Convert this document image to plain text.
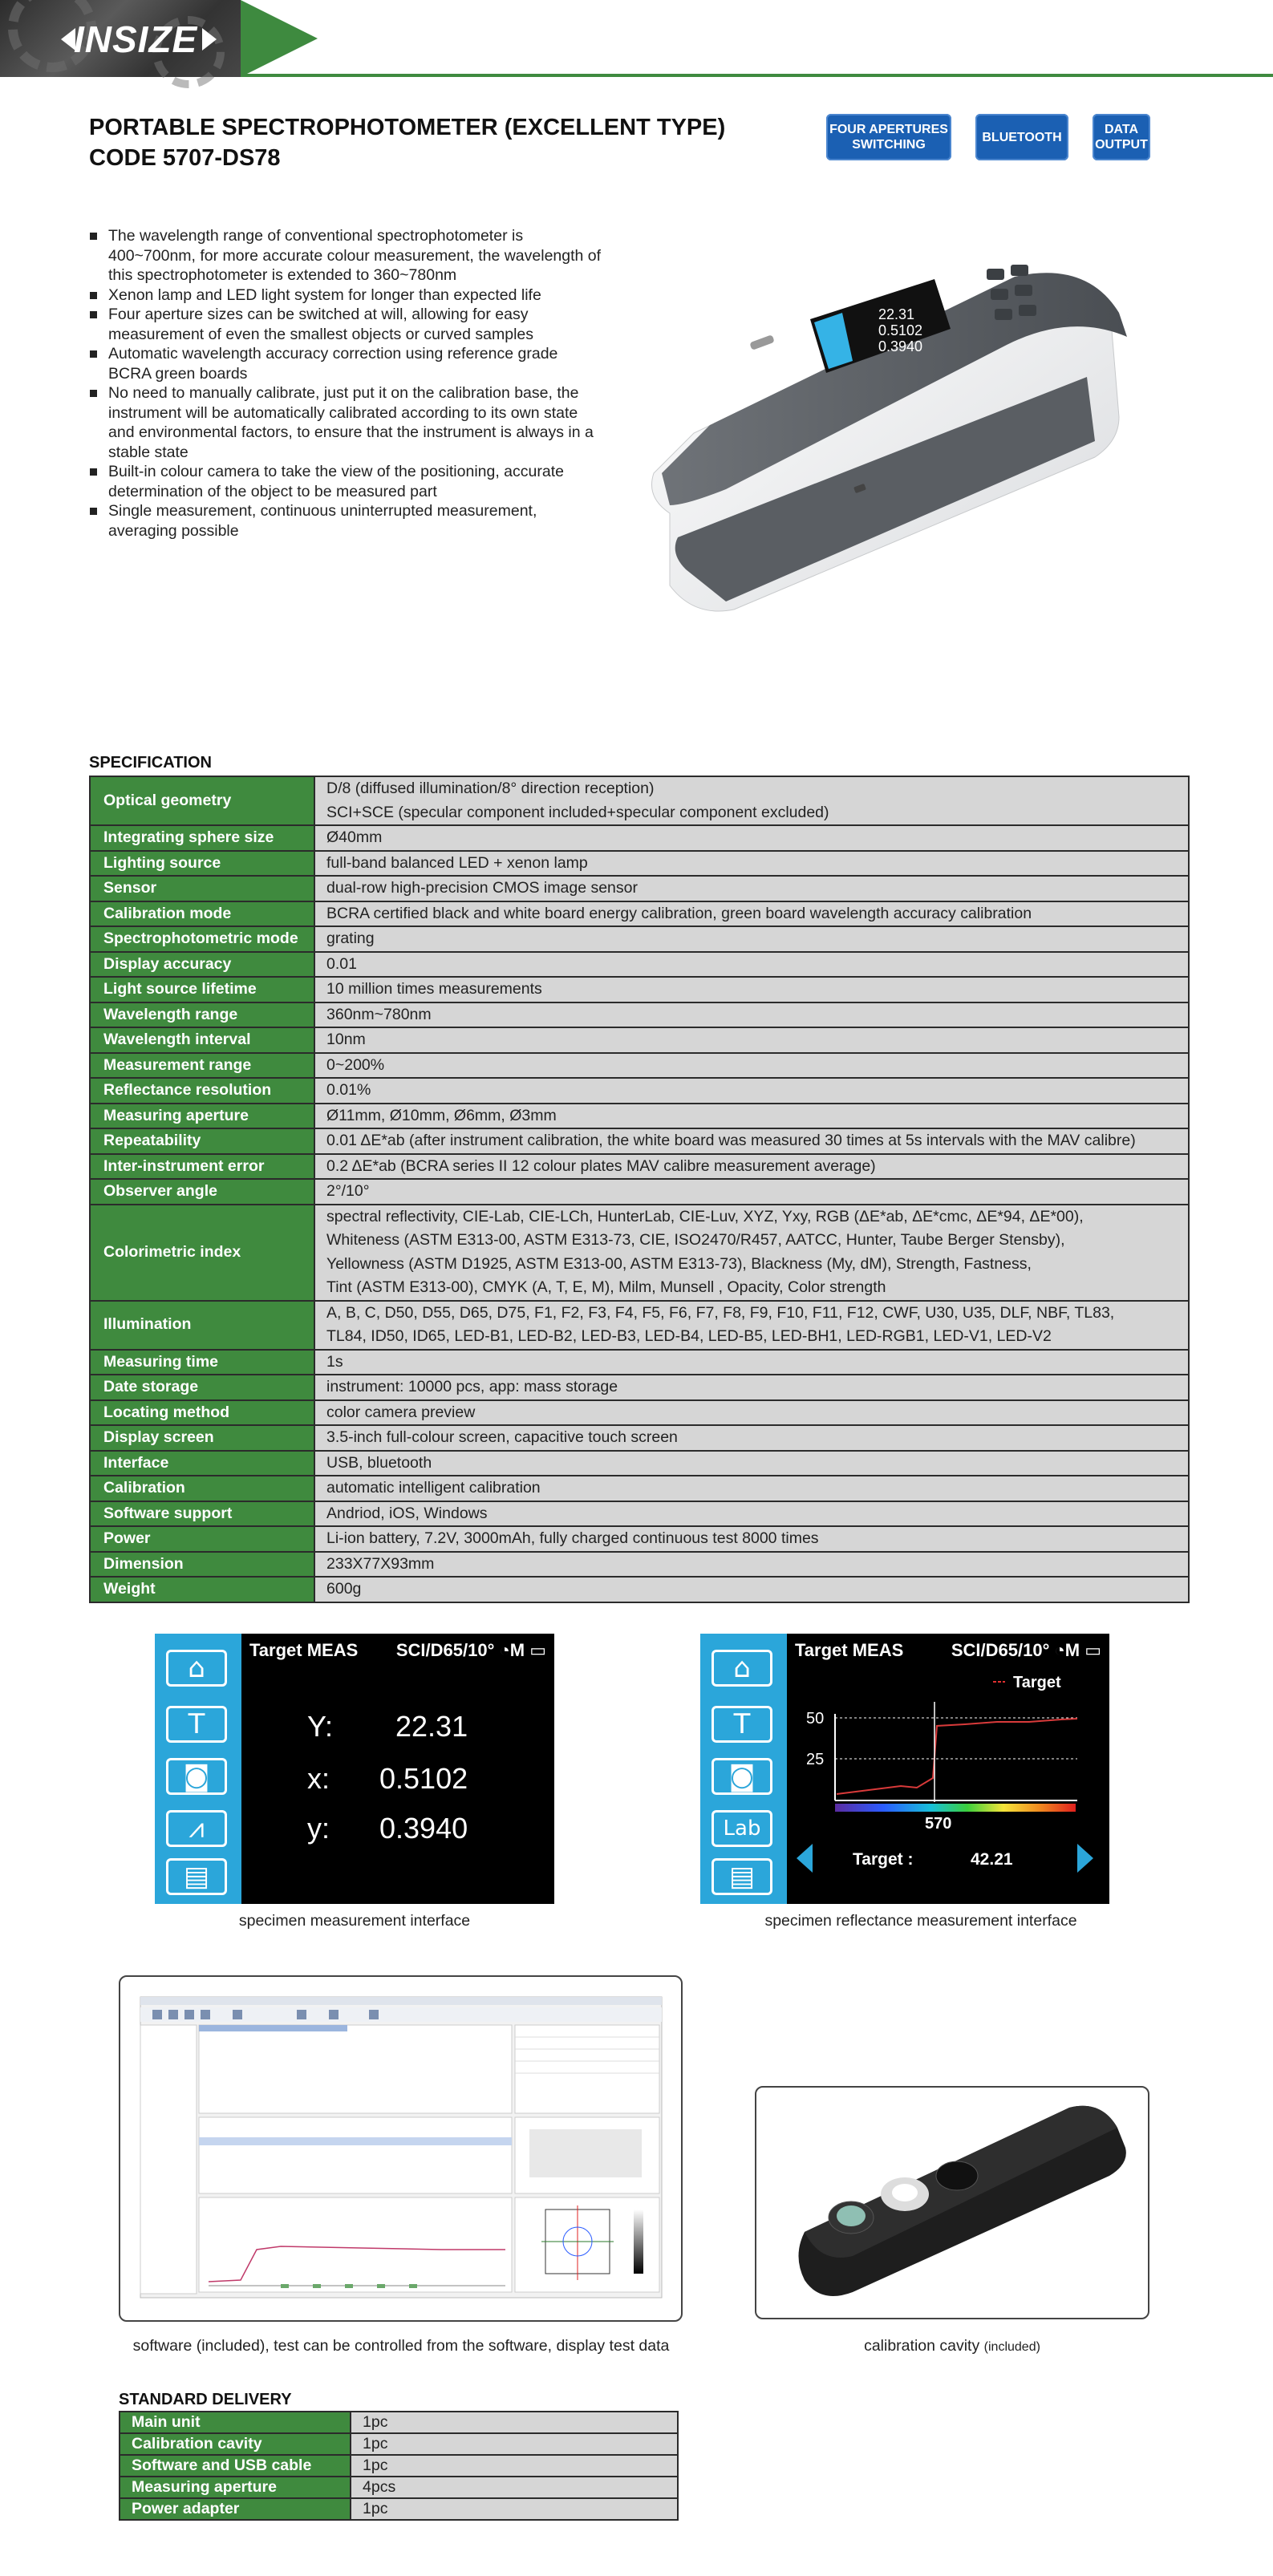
INSIZE
PORTABLE SPECTROPHOTOMETER (EXCELLENT TYPE)
CODE 5707-DS78
FOUR APERTURES SWITCHING
BLUETOOTH
DATA OUTPUT
The wavelength range of conventional spectrophotometer is 400~700nm, for more accurate colour measurement, the wavelength of this spectrophotometer is extended to 360~780nm
Xenon lamp and LED light system for longer than expected life
Four aperture sizes can be switched at will, allowing for easy measurement of even the smallest objects or curved samples
Automatic wavelength accuracy correction using reference grade BCRA green boards
No need to manually calibrate, just put it on the calibration base, the instrument will be automatically calibrated according to its own state and environmental factors, to ensure that the instrument is always in a stable state
Built-in colour camera to take the view of the positioning, accurate determination of the object to be measured part
Single measurement, continuous uninterrupted measurement, averaging possible
22.31
0.5102
0.3940
SPECIFICATION
Optical geometry	D/8 (diffused illumination/8° direction reception)
SCI+SCE (specular component included+specular component excluded)
Integrating sphere size	Ø40mm
Lighting source	full-band balanced LED + xenon lamp
Sensor	dual-row high-precision CMOS image sensor
Calibration mode	BCRA certified black and white board energy calibration, green board wavelength accuracy calibration
Spectrophotometric mode	grating
Display accuracy	0.01
Light source lifetime	10 million times measurements
Wavelength range	360nm~780nm
Wavelength interval	10nm
Measurement range	0~200%
Reflectance resolution	0.01%
Measuring aperture	Ø11mm, Ø10mm, Ø6mm, Ø3mm
Repeatability	0.01 ΔE*ab (after instrument calibration, the white board was measured 30 times at 5s intervals with the MAV calibre)
Inter-instrument error	0.2 ΔE*ab (BCRA series II 12 colour plates MAV calibre measurement average)
Observer angle	2°/10°
Colorimetric index	spectral reflectivity, CIE-Lab, CIE-LCh, HunterLab, CIE-Luv, XYZ, Yxy, RGB (ΔE*ab, ΔE*cmc, ΔE*94, ΔE*00),
Whiteness (ASTM E313-00, ASTM E313-73, CIE, ISO2470/R457, AATCC, Hunter, Taube Berger Stensby),
Yellowness (ASTM D1925, ASTM E313-00, ASTM E313-73), Blackness (My, dM), Strength, Fastness,
Tint (ASTM E313-00), CMYK (A, T, E, M), Milm, Munsell , Opacity, Color strength
Illumination	A, B, C, D50, D55, D65, D75, F1, F2, F3, F4, F5, F6, F7, F8, F9, F10, F11, F12, CWF, U30, U35, DLF, NBF, TL83,
TL84, ID50, ID65, LED-B1, LED-B2, LED-B3, LED-B4, LED-B5, LED-BH1, LED-RGB1, LED-V1, LED-V2
Measuring time	1s
Date storage	instrument: 10000 pcs, app: mass storage
Locating method	color camera preview
Display screen	3.5-inch full-colour screen, capacitive touch screen
Interface	USB, bluetooth
Calibration	automatic intelligent calibration
Software support	Andriod, iOS, Windows
Power	Li-ion battery, 7.2V, 3000mAh, fully charged continuous test 8000 times
Dimension	233X77X93mm
Weight	600g
⌂
T
◙
⩘
▤
Target MEAS SCI/D65/10° ◔M ▭
Y: 22.31
x: 0.5102
y: 0.3940
specimen measurement interface
⌂
T
◙
Lab
▤
Target MEAS	SCI/D65/10° ◔M ▭
50
25
Target
570
Target :	42.21
specimen reflectance measurement interface
software (included), test can be controlled from the software, display test data	calibration cavity (included)
STANDARD DELIVERY
Main unit	1pc
Calibration cavity	1pc
Software and USB cable	1pc
Measuring aperture	4pcs
Power adapter	1pc
